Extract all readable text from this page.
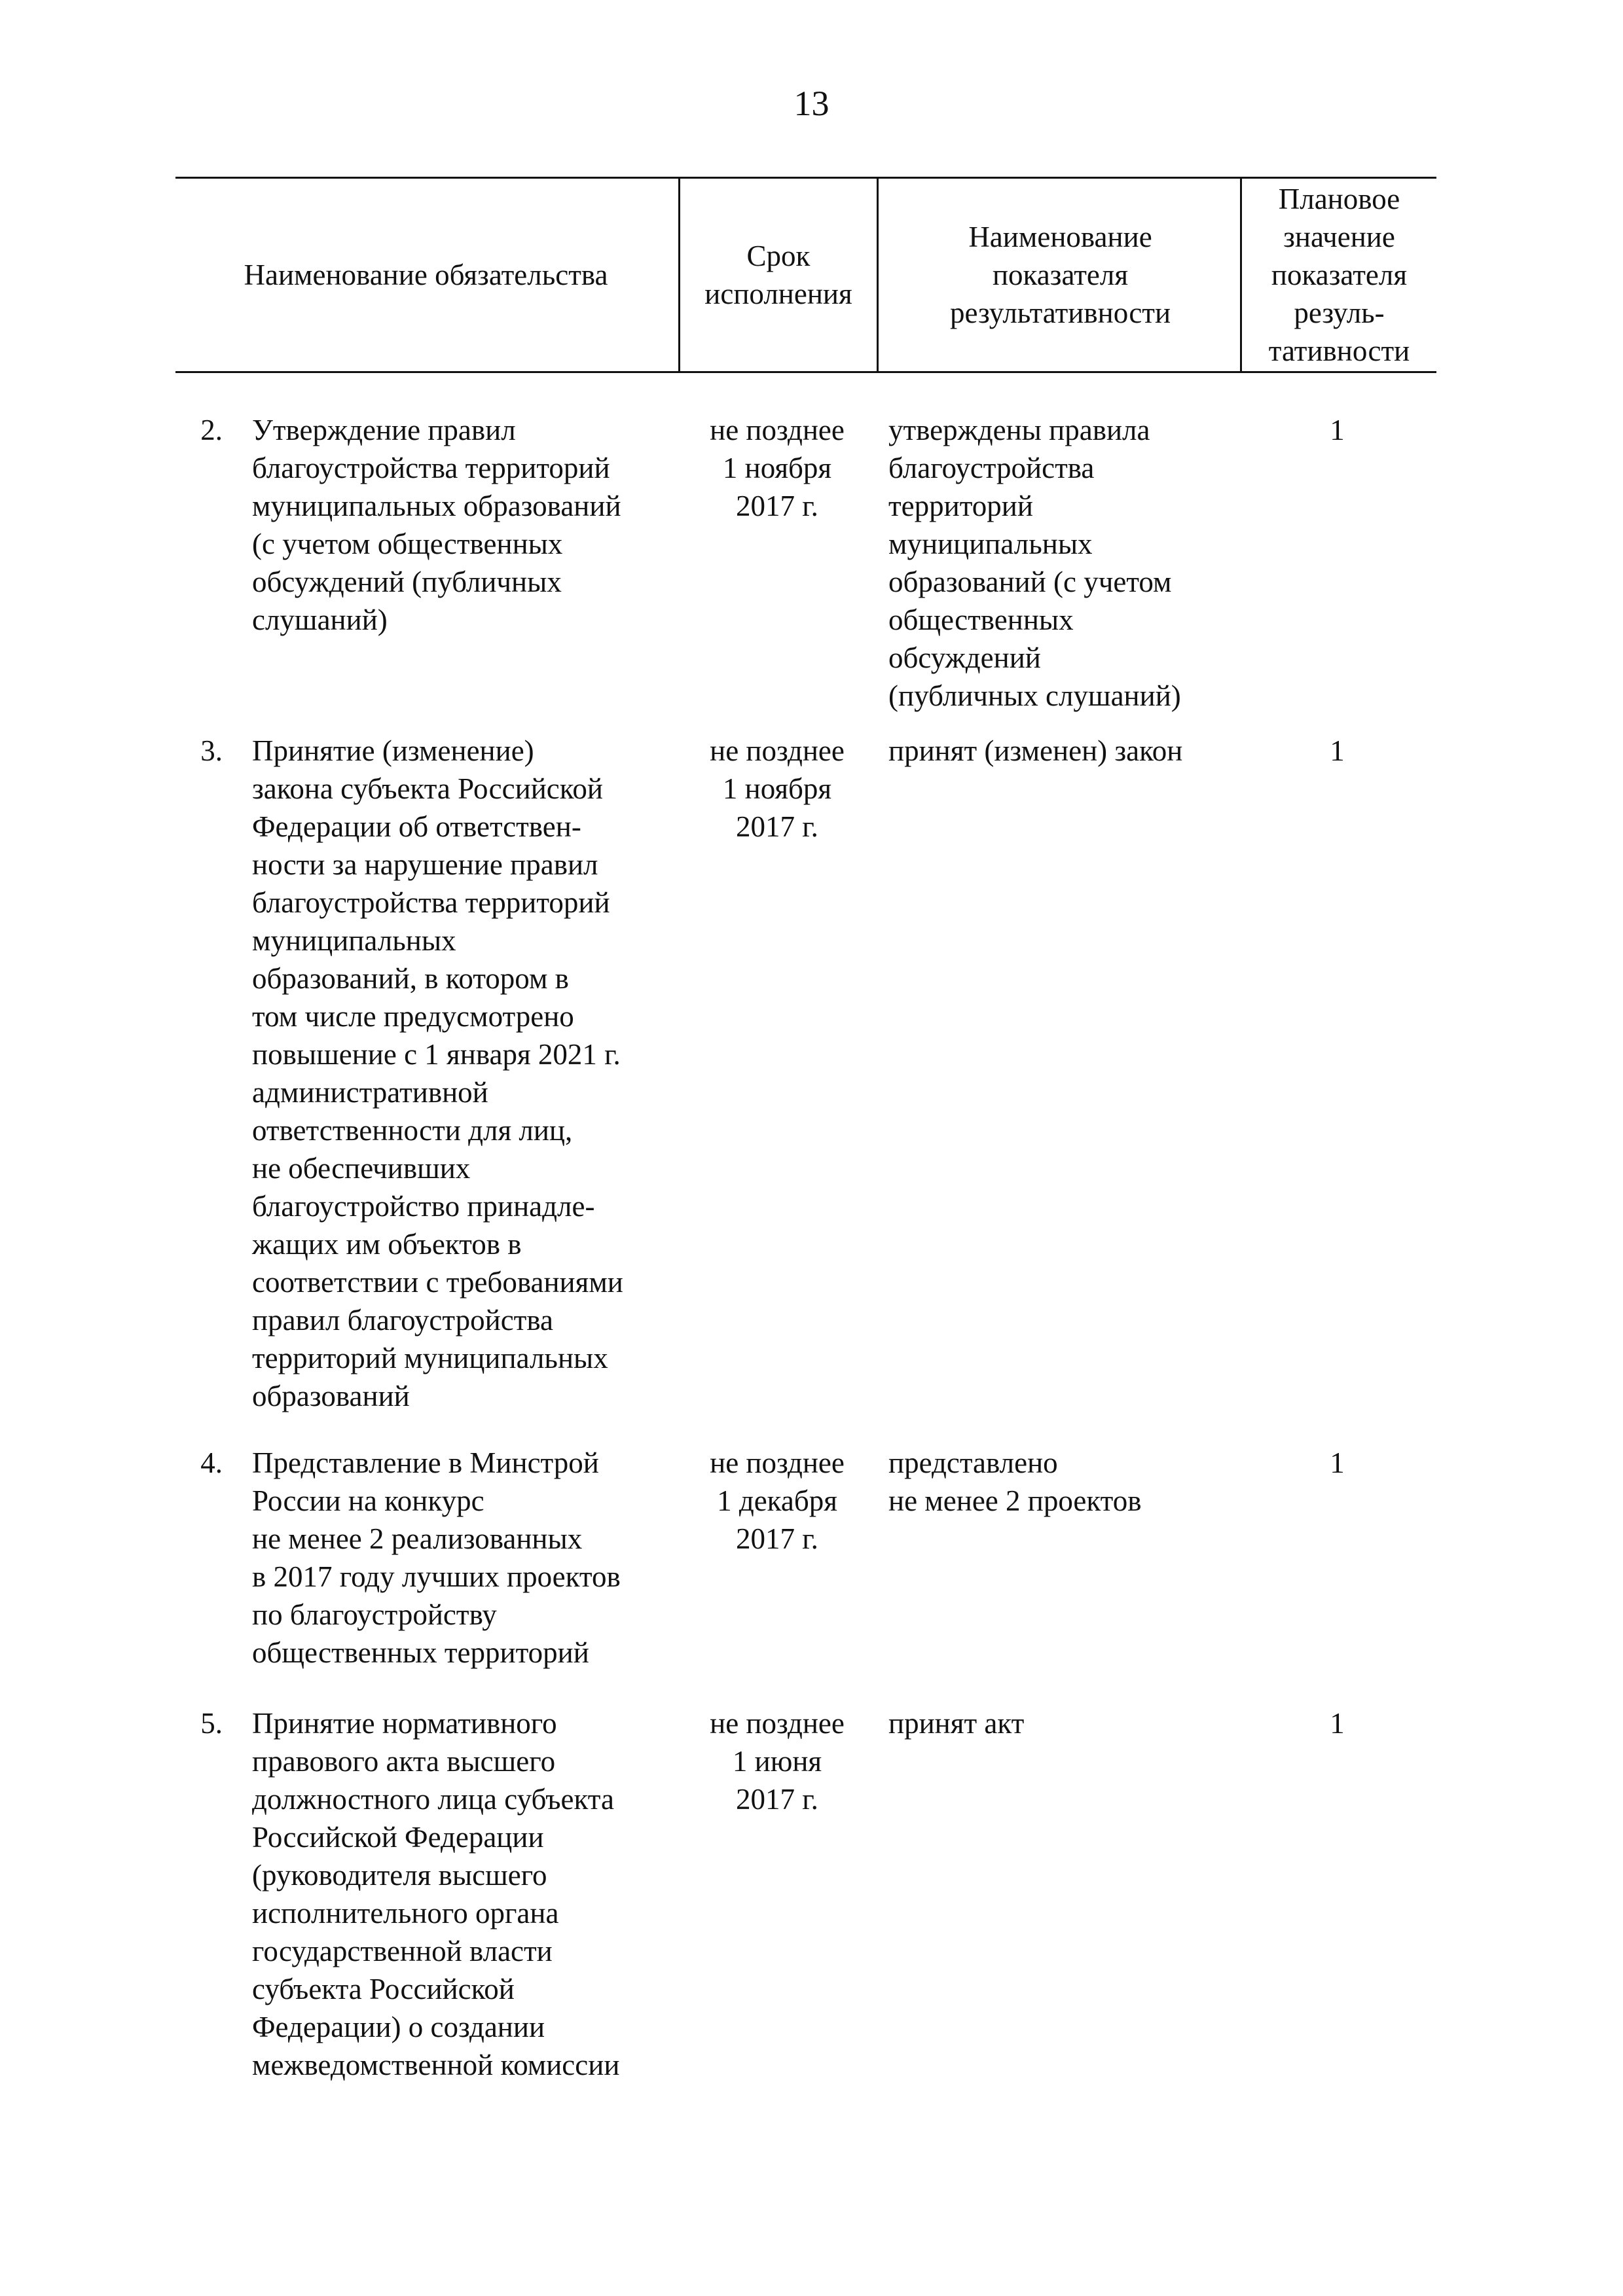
13
Наименование обязательства
Срок
исполнения
Наименование
показателя
результативности
Плановое
значение
показателя
резуль-
тативности
2. Утверждение правил
благоустройства территорий
муниципальных образований
(с учетом общественных
обсуждений (публичных
слушаний)
не позднее
1 ноября
2017 г.
утверждены правила
благоустройства
территорий
муниципальных
образований (с учетом
общественных
обсуждений
(публичных слушаний)
1
3. Принятие (изменение)
закона субъекта Российской
Федерации об ответствен-
ности за нарушение правил
благоустройства территорий
муниципальных
образований, в котором в
том числе предусмотрено
повышение с 1 января 2021 г.
административной
ответственности для лиц,
не обеспечивших
благоустройство принадле-
жащих им объектов в
соответствии с требованиями
правил благоустройства
территорий муниципальных
образований
не позднее
1 ноября
2017 г.
принят (изменен) закон	1
4. Представление в Минстрой
России на конкурс
не менее 2 реализованных
в 2017 году лучших проектов
по благоустройству
общественных территорий
не позднее
1 декабря
2017 г.
представлено
не менее 2 проектов
1
5. Принятие нормативного
правового акта высшего
должностного лица субъекта
Российской Федерации
(руководителя высшего
исполнительного органа
государственной власти
субъекта Российской
Федерации) о создании
межведомственной комиссии
не позднее
1 июня
2017 г.
принят акт	1
